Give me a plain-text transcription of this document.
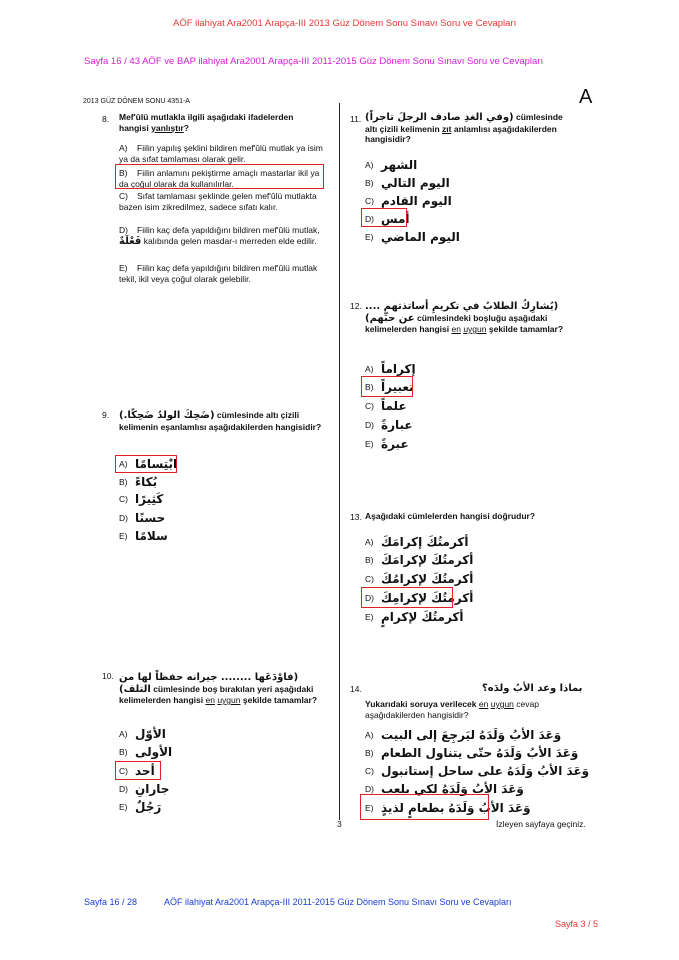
AÖF ilahiyat Ara2001 Arapça-III 2013 Güz Dönem Sonu Sınavı Soru ve Cevapları
Sayfa 16 / 43 AÖF ve BAP ilahiyat Ara2001 Arapça-III 2011-2015 Güz Dönem Sonu Sınavı Soru ve Cevapları
2013 GÜZ DÖNEM SONU 4351-A	A
8. Mef'ûlü mutlakla ilgili aşağıdaki ifadelerden hangisi yanlıştır?
A) Fiilin yapılış şeklini bildiren mef'ûlü mutlak ya isim ya da sıfat tamlaması olarak gelir.
B) Fiilin anlamını pekiştirme amaçlı mastarlar ikil ya da çoğul olarak da kullanılırlar.
C) Sıfat tamlaması şeklinde gelen mef'ûlü mutlakta bazen isim zikredilmez, sadece sıfatı kalır.
D) Fiilin kaç defa yapıldığını bildiren mef'ûlü mutlak, فَعْلَةٌ kalıbında gelen masdar-ı merreden elde edilir.
E) Fiilin kaç defa yapıldığını bildiren mef'ûlü mutlak tekil, ikil veya çoğul olarak gelebilir.
9. (ضَحِكَ الولدُ ضَحِكًا.) cümlesinde altı çizili kelimenin eşanlamlısı aşağıdakilerden hangisidir?
A) ابْتِسامًا
B) بُكاءً
C) كَثِيرًا
D) حسنًا
E) سلامًا
10. (فاوْدَعَها ........ جيرانه حفظاً لها من التلف) cümlesinde boş bırakılan yeri aşağıdaki kelimelerden hangisi en uygun şekilde tamamlar?
A) الأوّل
B) الأولى
C) أحد
D) جارانِ
E) رَجُلٌ
11. (وفي الغدِ صادف الرجلَ تاجراً) cümlesinde altı çizili kelimenin zıt anlamlısı aşağıdakilerden hangisidir?
A) الشهر
B) اليوم التالي
C) اليوم القادم
D) أمس
E) اليوم الماضي
12. (يُشارِكُ الطلابُ في تكريمِ أساتذتهم .... عن حبِّهم) cümlesindeki boşluğu aşağıdaki kelimelerden hangisi en uygun şekilde tamamlar?
A) إكراماً
B) تعبيراً
C) علماً
D) عبارةً
E) عبرةً
13. Aşağıdaki cümlelerden hangisi doğrudur?
A) أكرمتُكَ إكرامَكَ
B) أكرمتُكَ لإكرامَكَ
C) أكرمتُكَ لإكرامُكَ
D) أكرمتُكَ لإكرامِكَ
E) أكرمتُكَ لإكرامٍ
14.	بماذا وعد الأبُ ولدَه؟
Yukarıdaki soruya verilecek en uygun cevap aşağıdakilerden hangisidir?
A) وَعَدَ الأبُ وَلَدَهُ ليَرجِعَ إلى البيت
B) وَعَدَ الأبُ وَلَدَهُ حتّى يتناول الطعام
C) وَعَدَ الأبُ وَلَدَهُ على ساحل إستانبول
D) وَعَدَ الأبُ وَلَدَهُ لكي يلعب
E) وَعَدَ الأبُ وَلَدَهُ بطعامٍ لذيذٍ
3	İzleyen sayfaya geçiniz.
Sayfa 16 / 28	AÖF ilahiyat Ara2001 Arapça-III 2011-2015 Güz Dönem Sonu Sınavı Soru ve Cevapları
Sayfa 3 / 5
